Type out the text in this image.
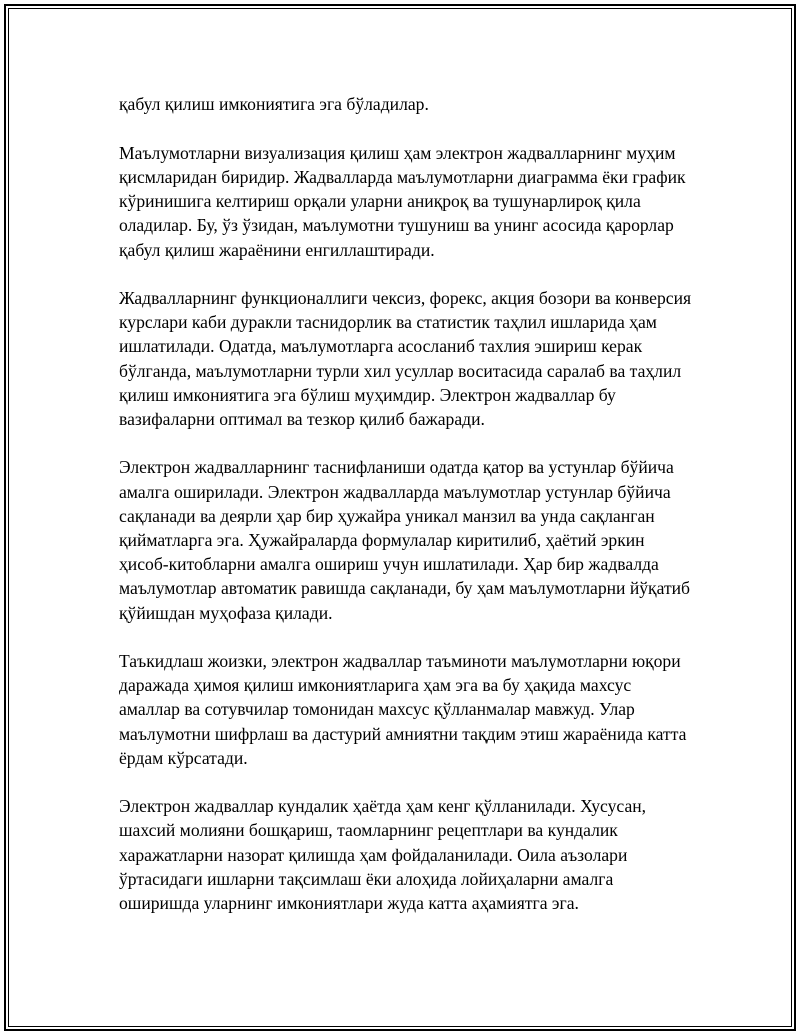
қабул қилиш имкониятига эга бўладилар.

Маълумотларни визуализация қилиш ҳам электрон жадвалларнинг муҳим қисмларидан биридир. Жадвалларда маълумотларни диаграмма ёки график кўринишига келтириш орқали уларни аниқроқ ва тушунарлироқ қила оладилар. Бу, ўз ўзидан, маълумотни тушуниш ва унинг асосида қарорлар қабул қилиш жараёнини енгиллаштиради.

Жадвалларнинг функционаллиги чексиз, форекс, акция бозори ва конверсия курслари каби дуракли таснидорлик ва статистик таҳлил ишларида ҳам ишлатилади. Одатда, маълумотларга асосланиб тахлия эшириш керак бўлганда, маълумотларни турли хил усуллар воситасида саралаб ва таҳлил қилиш имкониятига эга бўлиш муҳимдир. Электрон жадваллар бу вазифаларни оптимал ва тезкор қилиб бажаради.

Электрон жадвалларнинг таснифланиши одатда қатор ва устунлар бўйича амалга оширилади. Электрон жадвалларда маълумотлар устунлар бўйича сақланади ва деярли ҳар бир ҳужайра уникал манзил ва унда сақланган қийматларга эга. Ҳужайраларда формулалар киритилиб, ҳаётий эркин ҳисоб-китобларни амалга ошириш учун ишлатилади. Ҳар бир жадвалда маълумотлар автоматик равишда сақланади, бу ҳам маълумотларни йўқатиб қўйишдан муҳофаза қилади.

Таъкидлаш жоизки, электрон жадваллар таъминоти маълумотларни юқори даражада ҳимоя қилиш имкониятларига ҳам эга ва бу ҳақида махсус амаллар ва сотувчилар томонидан махсус қўлланмалар мавжуд. Улар маълумотни шифрлаш ва дастурий амниятни тақдим этиш жараёнида катта ёрдам кўрсатади.

Электрон жадваллар кундалик ҳаётда ҳам кенг қўлланилади. Хусусан, шахсий молияни бошқариш, таомларнинг рецептлари ва кундалик харажатларни назорат қилишда ҳам фойдаланилади. Оила аъзолари ўртасидаги ишларни тақсимлаш ёки алоҳида лойиҳаларни амалга оширишда уларнинг имкониятлари жуда катта аҳамиятга эга.
